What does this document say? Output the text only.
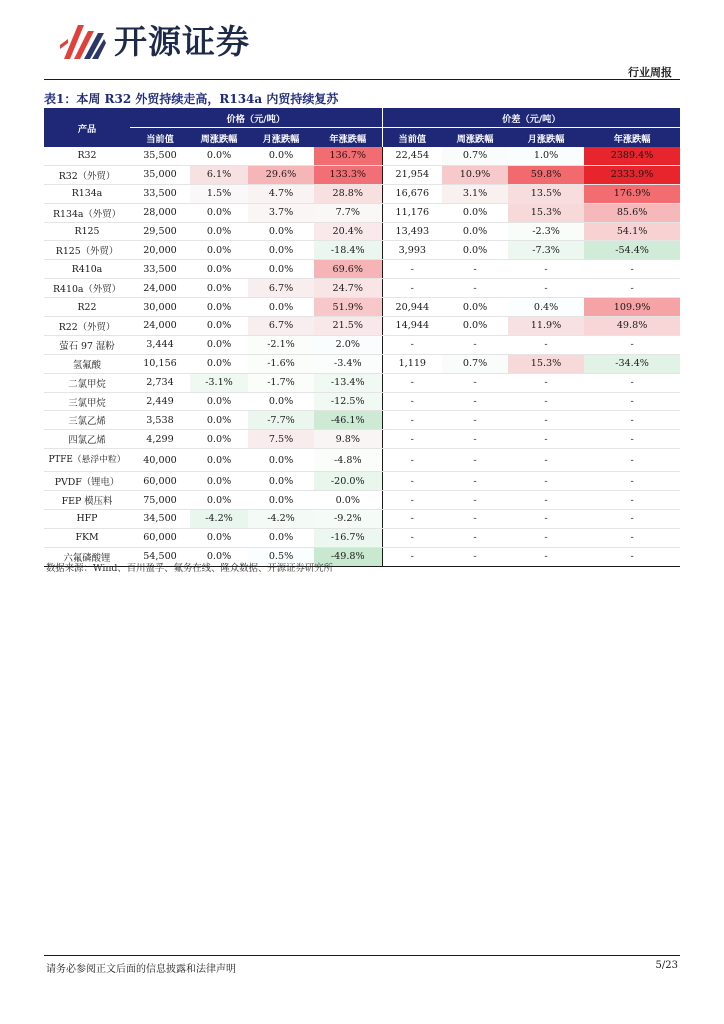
开源证券
行业周报
表1：本周 R32 外贸持续走高，R134a 内贸持续复苏
产品	价格（元/吨）				价差（元/吨）			
	当前值	周涨跌幅	月涨跌幅	年涨跌幅	当前值	周涨跌幅	月涨跌幅	年涨跌幅
R32	35,500	0.0%	0.0%	136.7%	22,454	0.7%	1.0%	2389.4%
R32（外贸）	35,000	6.1%	29.6%	133.3%	21,954	10.9%	59.8%	2333.9%
R134a	33,500	1.5%	4.7%	28.8%	16,676	3.1%	13.5%	176.9%
R134a（外贸）	28,000	0.0%	3.7%	7.7%	11,176	0.0%	15.3%	85.6%
R125	29,500	0.0%	0.0%	20.4%	13,493	0.0%	-2.3%	54.1%
R125（外贸）	20,000	0.0%	0.0%	-18.4%	3,993	0.0%	-7.3%	-54.4%
R410a	33,500	0.0%	0.0%	69.6%	-	-	-	-
R410a（外贸）	24,000	0.0%	6.7%	24.7%	-	-	-	-
R22	30,000	0.0%	0.0%	51.9%	20,944	0.0%	0.4%	109.9%
R22（外贸）	24,000	0.0%	6.7%	21.5%	14,944	0.0%	11.9%	49.8%
萤石 97 湿粉	3,444	0.0%	-2.1%	2.0%	-	-	-	-
氢氟酸	10,156	0.0%	-1.6%	-3.4%	1,119	0.7%	15.3%	-34.4%
二氯甲烷	2,734	-3.1%	-1.7%	-13.4%	-	-	-	-
三氯甲烷	2,449	0.0%	0.0%	-12.5%	-	-	-	-
三氯乙烯	3,538	0.0%	-7.7%	-46.1%	-	-	-	-
四氯乙烯	4,299	0.0%	7.5%	9.8%	-	-	-	-
PTFE（悬浮中粒）	40,000	0.0%	0.0%	-4.8%	-	-	-	-
PVDF（锂电）	60,000	0.0%	0.0%	-20.0%	-	-	-	-
FEP 模压料	75,000	0.0%	0.0%	0.0%	-	-	-	-
HFP	34,500	-4.2%	-4.2%	-9.2%	-	-	-	-
FKM	60,000	0.0%	0.0%	-16.7%	-	-	-	-
六氟磷酸锂	54,500	0.0%	0.5%	-49.8%	-	-	-	-
数据来源：Wind、百川盈孚、氟务在线、隆众数据、开源证券研究所
请务必参阅正文后面的信息披露和法律声明	5/23
